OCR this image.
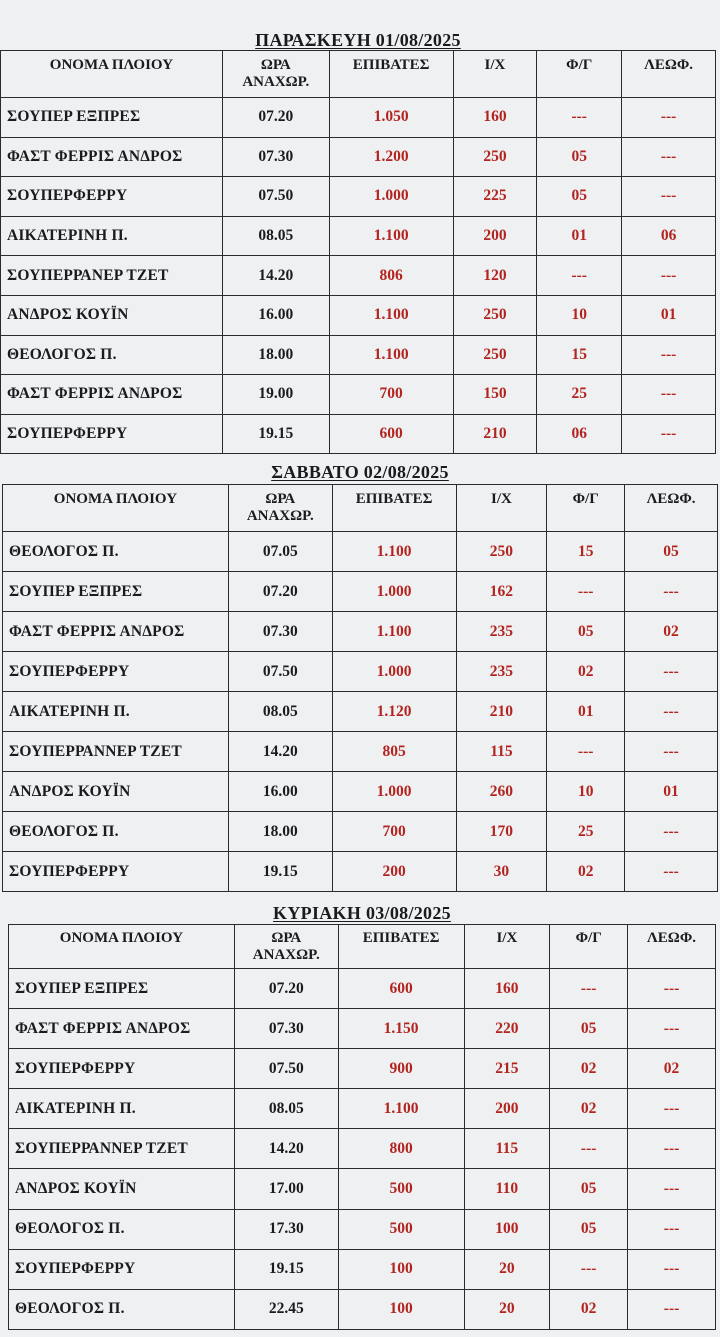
ΠΑΡΑΣΚΕΥΗ 01/08/2025
ΟΝΟΜΑ ΠΛΟΙΟΥ	ΩΡΑ
ΑΝΑΧΩΡ.	ΕΠΙΒΑΤΕΣ	Ι/Χ	Φ/Γ	ΛΕΩΦ.
ΣΟΥΠΕΡ ΕΞΠΡΕΣ	07.20	1.050	160	---	---
ΦΑΣΤ ΦΕΡΡΙΣ ΑΝΔΡΟΣ	07.30	1.200	250	05	---
ΣΟΥΠΕΡΦΕΡΡΥ	07.50	1.000	225	05	---
ΑΙΚΑΤΕΡΙΝΗ Π.	08.05	1.100	200	01	06
ΣΟΥΠΕΡΡΑΝΕΡ ΤΖΕΤ	14.20	806	120	---	---
ΑΝΔΡΟΣ ΚΟΥΪΝ	16.00	1.100	250	10	01
ΘΕΟΛΟΓΟΣ Π.	18.00	1.100	250	15	---
ΦΑΣΤ ΦΕΡΡΙΣ ΑΝΔΡΟΣ	19.00	700	150	25	---
ΣΟΥΠΕΡΦΕΡΡΥ	19.15	600	210	06	---
ΣΑΒΒΑΤΟ 02/08/2025
ΟΝΟΜΑ ΠΛΟΙΟΥ	ΩΡΑ
ΑΝΑΧΩΡ.	ΕΠΙΒΑΤΕΣ	Ι/Χ	Φ/Γ	ΛΕΩΦ.
ΘΕΟΛΟΓΟΣ Π.	07.05	1.100	250	15	05
ΣΟΥΠΕΡ ΕΞΠΡΕΣ	07.20	1.000	162	---	---
ΦΑΣΤ ΦΕΡΡΙΣ ΑΝΔΡΟΣ	07.30	1.100	235	05	02
ΣΟΥΠΕΡΦΕΡΡΥ	07.50	1.000	235	02	---
ΑΙΚΑΤΕΡΙΝΗ Π.	08.05	1.120	210	01	---
ΣΟΥΠΕΡΡΑΝΝΕΡ ΤΖΕΤ	14.20	805	115	---	---
ΑΝΔΡΟΣ ΚΟΥΪΝ	16.00	1.000	260	10	01
ΘΕΟΛΟΓΟΣ Π.	18.00	700	170	25	---
ΣΟΥΠΕΡΦΕΡΡΥ	19.15	200	30	02	---
ΚΥΡΙΑΚΗ 03/08/2025
ΟΝΟΜΑ ΠΛΟΙΟΥ	ΩΡΑ
ΑΝΑΧΩΡ.	ΕΠΙΒΑΤΕΣ	Ι/Χ	Φ/Γ	ΛΕΩΦ.
ΣΟΥΠΕΡ ΕΞΠΡΕΣ	07.20	600	160	---	---
ΦΑΣΤ ΦΕΡΡΙΣ ΑΝΔΡΟΣ	07.30	1.150	220	05	---
ΣΟΥΠΕΡΦΕΡΡΥ	07.50	900	215	02	02
ΑΙΚΑΤΕΡΙΝΗ Π.	08.05	1.100	200	02	---
ΣΟΥΠΕΡΡΑΝΝΕΡ ΤΖΕΤ	14.20	800	115	---	---
ΑΝΔΡΟΣ ΚΟΥΪΝ	17.00	500	110	05	---
ΘΕΟΛΟΓΟΣ Π.	17.30	500	100	05	---
ΣΟΥΠΕΡΦΕΡΡΥ	19.15	100	20	---	---
ΘΕΟΛΟΓΟΣ Π.	22.45	100	20	02	---
